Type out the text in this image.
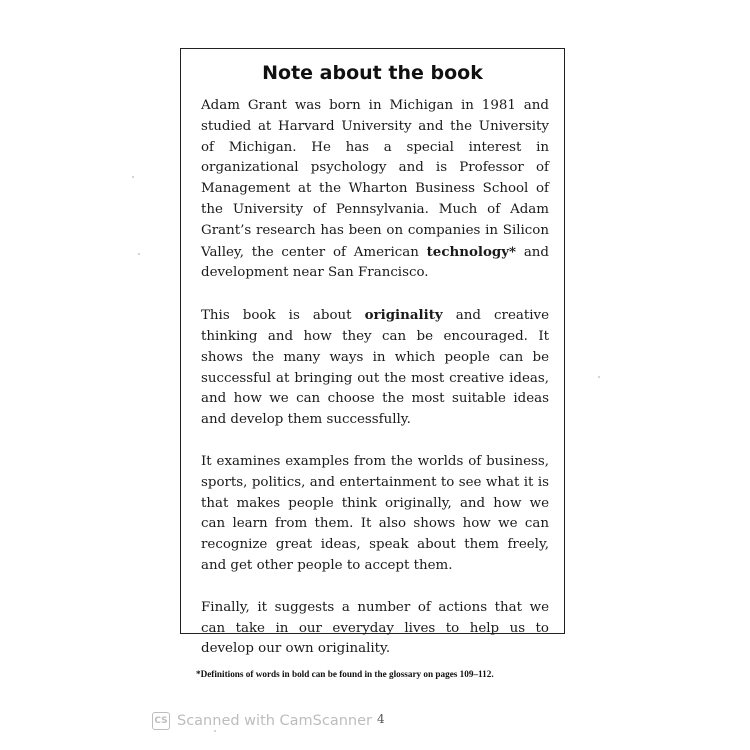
Note about the book

Adam Grant was born in Michigan in 1981 and studied at Harvard University and the University of Michigan. He has a special interest in organizational psychology and is Professor of Management at the Wharton Business School of the University of Pennsylvania. Much of Adam Grant’s research has been on companies in Silicon Valley, the center of American technology* and development near San Francisco.

This book is about originality and creative thinking and how they can be encouraged. It shows the many ways in which people can be successful at bringing out the most creative ideas, and how we can choose the most suitable ideas and develop them successfully.

It examines examples from the worlds of business, sports, politics, and entertainment to see what it is that makes people think originally, and how we can learn from them. It also shows how we can recognize great ideas, speak about them freely, and get other people to accept them.

Finally, it suggests a number of actions that we can take in our everyday lives to help us to develop our own originality.

*Definitions of words in bold can be found in the glossary on pages 109–112.
CS Scanned with CamScanner 4
